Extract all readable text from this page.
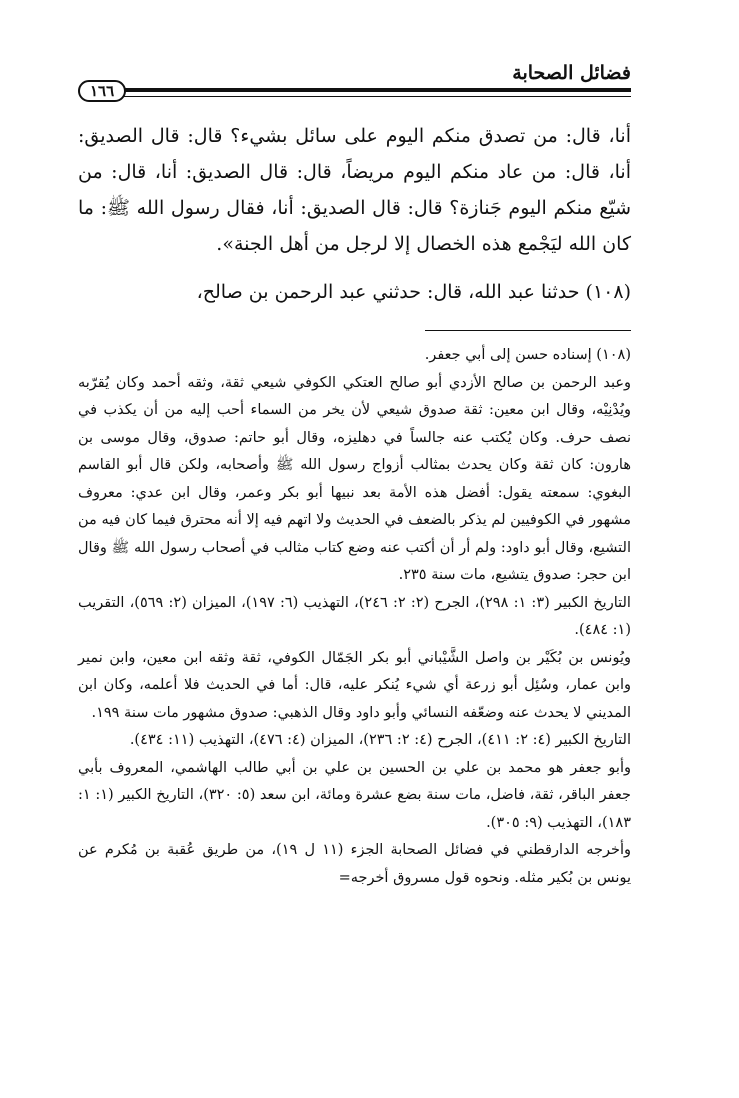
فضائل الصحابة
١٦٦

أنا، قال: من تصدق منكم اليوم على سائل بشيء؟ قال: قال الصديق: أنا، قال: من عاد منكم اليوم مريضاً، قال: قال الصديق: أنا، قال: من شيّع منكم اليوم جَنازة؟ قال: قال الصديق: أنا، فقال رسول الله ﷺ: ما كان الله ليَجْمع هذه الخصال إلا لرجل من أهل الجنة».

(١٠٨) حدثنا عبد الله، قال: حدثني عبد الرحمن بن صالح،

(١٠٨) إسناده حسن إلى أبي جعفر.

وعبد الرحمن بن صالح الأزدي أبو صالح العتكي الكوفي شيعي ثقة، وثقه أحمد وكان يُقرّبه ويُدْنِيْه، وقال ابن معين: ثقة صدوق شيعي لأن يخر من السماء أحب إليه من أن يكذب في نصف حرف. وكان يُكتب عنه جالساً في دهليزه، وقال أبو حاتم: صدوق، وقال موسى بن هارون: كان ثقة وكان يحدث بمثالب أزواج رسول الله ﷺ وأصحابه، ولكن قال أبو القاسم البغوي: سمعته يقول: أفضل هذه الأمة بعد نبيها أبو بكر وعمر، وقال ابن عدي: معروف مشهور في الكوفيين لم يذكر بالضعف في الحديث ولا اتهم فيه إلا أنه محترق فيما كان فيه من التشيع، وقال أبو داود: ولم أر أن أكتب عنه وضع كتاب مثالب في أصحاب رسول الله ﷺ وقال ابن حجر: صدوق يتشيع، مات سنة ٢٣٥.

التاريخ الكبير (٣: ١: ٢٩٨)، الجرح (٢: ٢: ٢٤٦)، التهذيب (٦: ١٩٧)، الميزان (٢: ٥٦٩)، التقريب (١: ٤٨٤).

ويُونس بن بُكَيْر بن واصل الشَّيْباني أبو بكر الجَمّال الكوفي، ثقة وثقه ابن معين، وابن نمير وابن عمار، وسُئِل أبو زرعة أي شيء يُنكر عليه، قال: أما في الحديث فلا أعلمه، وكان ابن المديني لا يحدث عنه وضعّفه النسائي وأبو داود وقال الذهبي: صدوق مشهور مات سنة ١٩٩.

التاريخ الكبير (٤: ٢: ٤١١)، الجرح (٤: ٢: ٢٣٦)، الميزان (٤: ٤٧٦)، التهذيب (١١: ٤٣٤).

وأبو جعفر هو محمد بن علي بن الحسين بن علي بن أبي طالب الهاشمي، المعروف بأبي جعفر الباقر، ثقة، فاضل، مات سنة بضع عشرة ومائة، ابن سعد (٥: ٣٢٠)، التاريخ الكبير (١: ١: ١٨٣)، التهذيب (٩: ٣٠٥).

وأخرجه الدارقطني في فضائل الصحابة الجزء (١١ ل ١٩)، من طريق عُقبة بن مُكرم عن يونس بن بُكير مثله. ونحوه قول مسروق أخرجه=
